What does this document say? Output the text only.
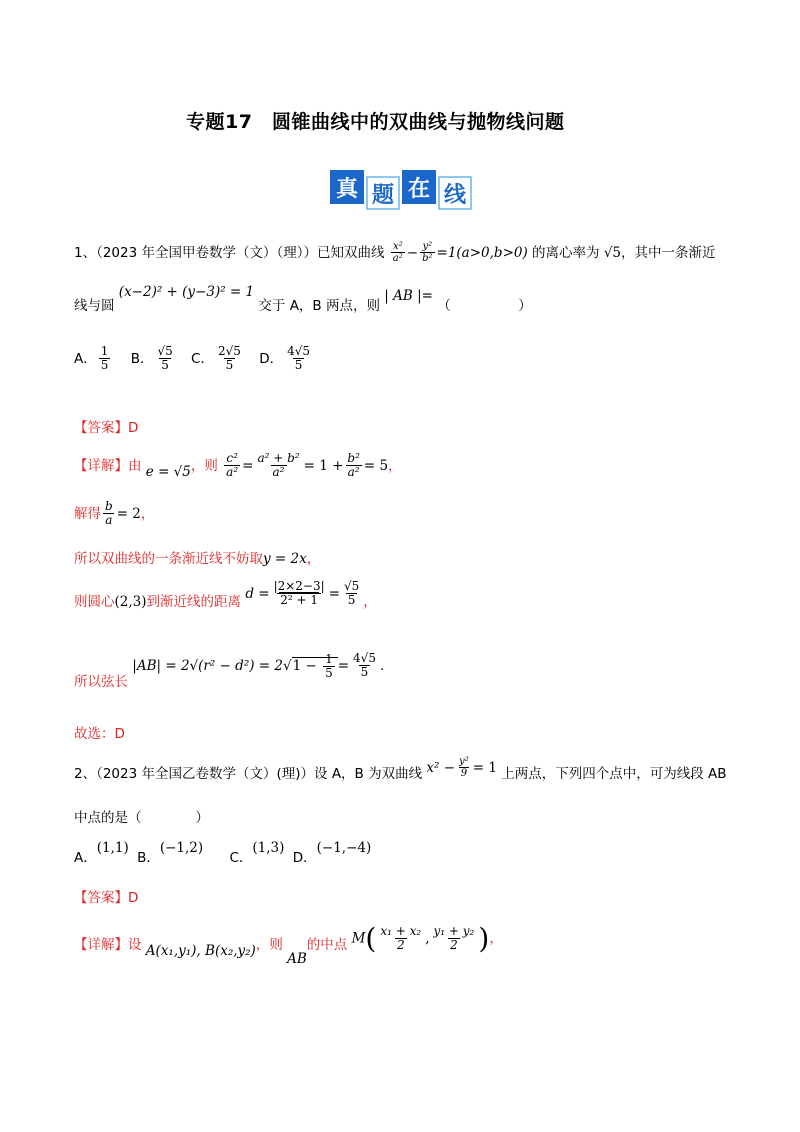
专题17　圆锥曲线中的双曲线与抛物线问题
真 题 在 线
1、（2023 年全国甲卷数学（文）（理））已知双曲线 $\frac{\text{x²}}{\text{a²}} - \frac{\text{y²}}{\text{b²}} =1(a>0,b>0)$ 的离心率为 √5，其中一条渐近
线与圆 (x−2)² + (y−3)² = 1 交于 A，B 两点，则 | AB |= （　　　　　）
A． $\frac{1}{5}$ B． $\frac{√5}{5}$ C． $\frac{2√5}{5}$ D． $\frac{4√5}{5}$
【答案】D
【详解】由 e = √5，则 $\frac{\text{c²}}{\text{a²}} = \frac{\text{a² + b²}}{\text{a²}} = 1 + \frac{\text{b²}}{\text{a²}} = 5$，
解得 $\frac{b}{a} = 2$，
所以双曲线的一条渐近线不妨取y = 2x，
则圆心(2,3)到渐近线的距离 $d = \frac{|2\times 2-3|}{\text{2² + 1}} = \frac{√5}{5}$ ，
所以弦长 $|AB| = 2√(r^2 - d^2) = 2√1 - \frac{1}{5} = \frac{4√5}{5}$ .
故选：D
2、（2023 年全国乙卷数学（文）(理)）设 A，B 为双曲线 $x^2 - \frac{\text{y²}}{9} = 1$ 上两点，下列四个点中，可为线段 AB
中点的是（　　　　）
A．(1,1) B．(−1,2) C．(1,3) D．(−1,−4)
【答案】D
【详解】设 A(x₁,y₁), B(x₂,y₂)，则 AB的中点 $M( \frac{\text{x₁ + x₂}}{2}$ , $\frac{\text{y₁ + y₂}}{2}$ )，
